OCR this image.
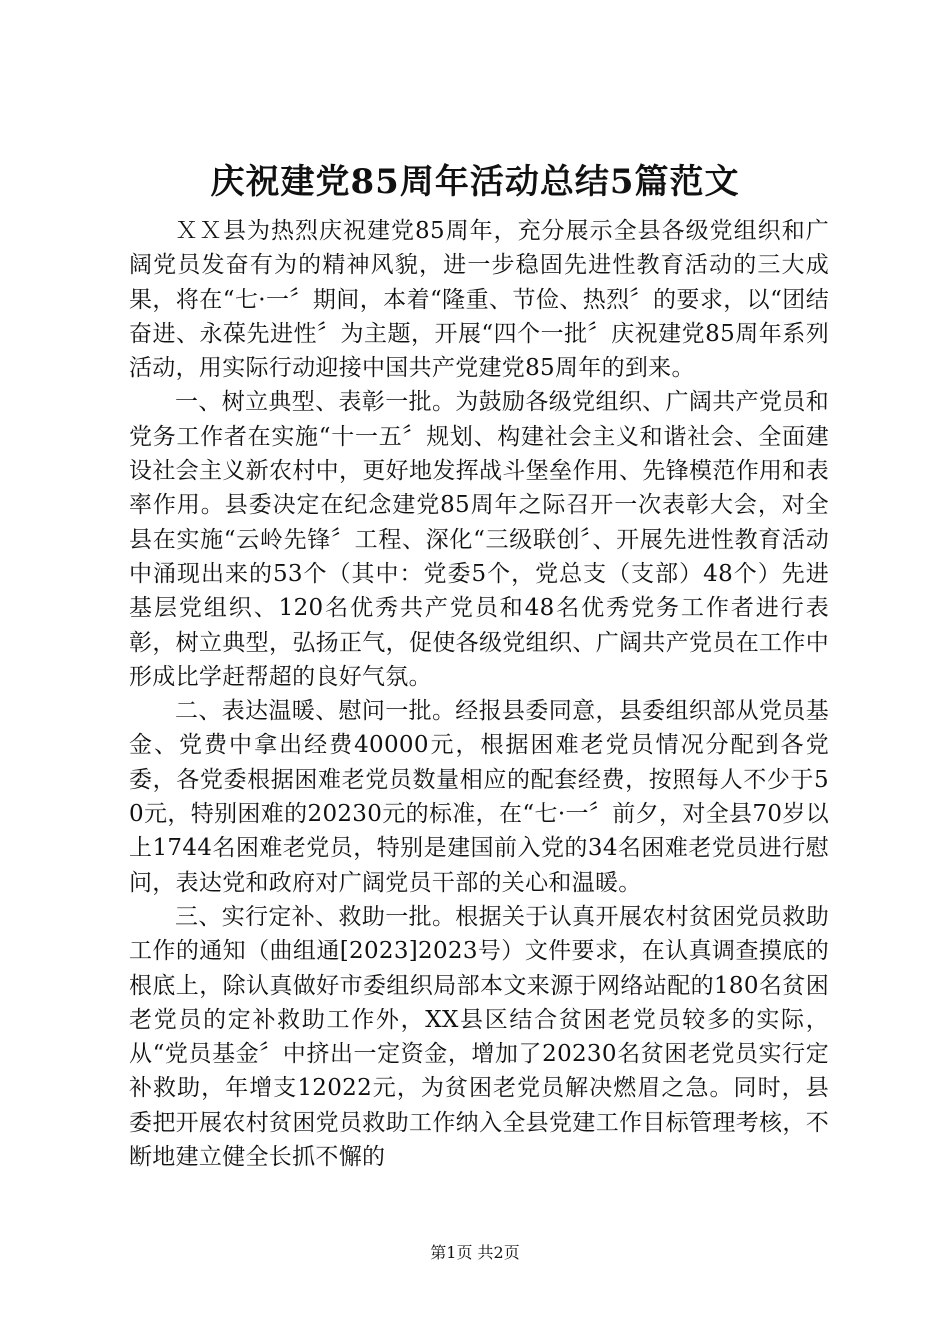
庆祝建党85周年活动总结5篇范文

ＸＸ县为热烈庆祝建党85周年，充分展示全县各级党组织和广阔党员发奋有为的精神风貌，进一步稳固先进性教育活动的三大成果，将在“七·一〞期间，本着“隆重、节俭、热烈〞的要求，以“团结奋进、永葆先进性〞为主题，开展“四个一批〞庆祝建党85周年系列活动，用实际行动迎接中国共产党建党85周年的到来。

一、树立典型、表彰一批。为鼓励各级党组织、广阔共产党员和党务工作者在实施“十一五〞规划、构建社会主义和谐社会、全面建设社会主义新农村中，更好地发挥战斗堡垒作用、先锋模范作用和表率作用。县委决定在纪念建党85周年之际召开一次表彰大会，对全县在实施“云岭先锋〞工程、深化“三级联创〞、开展先进性教育活动中涌现出来的53个（其中：党委5个，党总支（支部）48个）先进基层党组织、120名优秀共产党员和48名优秀党务工作者进行表彰，树立典型，弘扬正气，促使各级党组织、广阔共产党员在工作中形成比学赶帮超的良好气氛。

二、表达温暖、慰问一批。经报县委同意，县委组织部从党员基金、党费中拿出经费40000元，根据困难老党员情况分配到各党委，各党委根据困难老党员数量相应的配套经费，按照每人不少于50元，特别困难的20230元的标准，在“七·一〞前夕，对全县70岁以上1744名困难老党员，特别是建国前入党的34名困难老党员进行慰问，表达党和政府对广阔党员干部的关心和温暖。

三、实行定补、救助一批。根据关于认真开展农村贫困党员救助工作的通知（曲组通[2023]2023号）文件要求，在认真调查摸底的根底上，除认真做好市委组织局部本文来源于网络站配的180名贫困老党员的定补救助工作外，XX县区结合贫困老党员较多的实际，从“党员基金〞中挤出一定资金，增加了20230名贫困老党员实行定补救助，年增支12022元，为贫困老党员解决燃眉之急。同时，县委把开展农村贫困党员救助工作纳入全县党建工作目标管理考核，不断地建立健全长抓不懈的

第1页 共2页
